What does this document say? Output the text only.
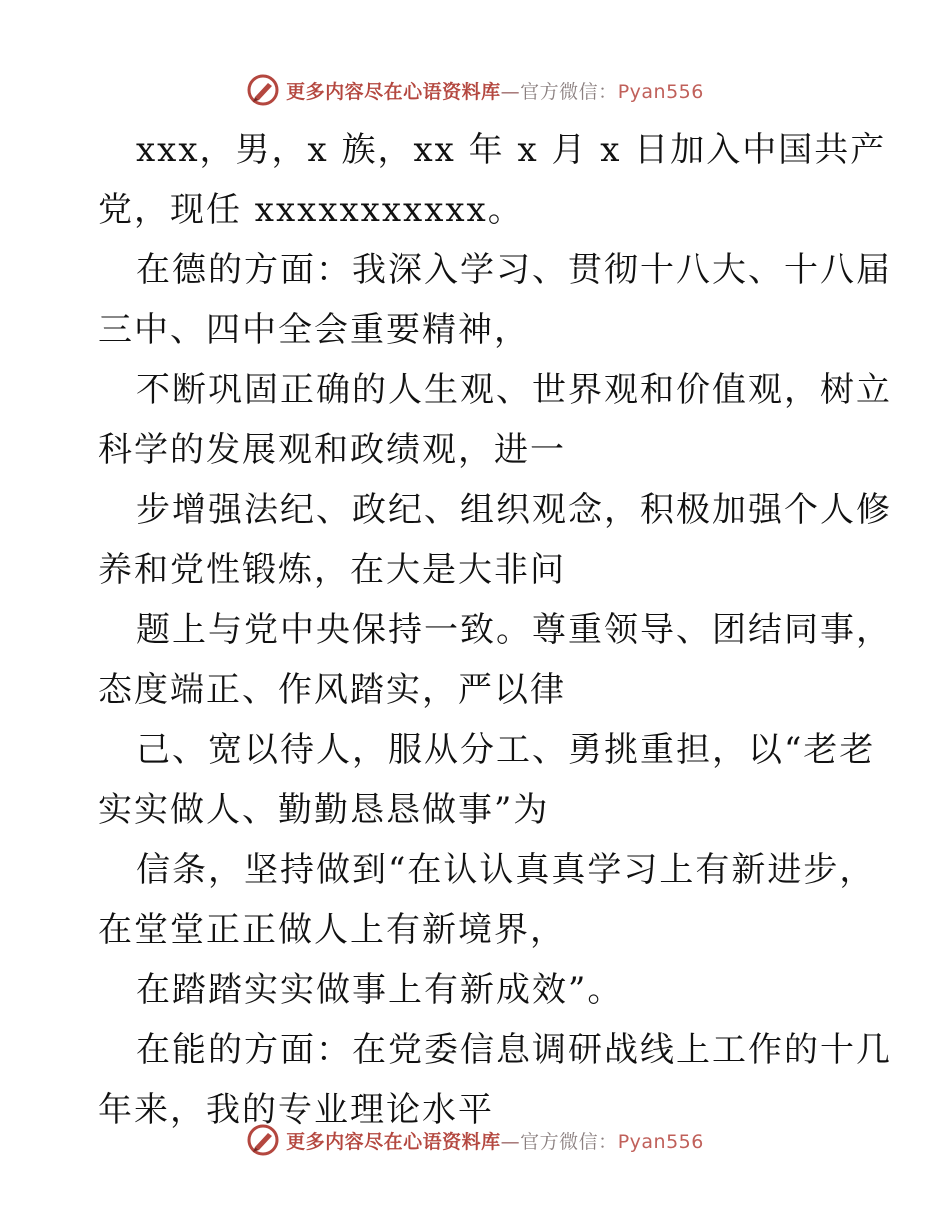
更多内容尽在心语资料库—官方微信：Pyan556
xxx，男，x 族，xx 年 x 月 x 日加入中国共产
党，现任 xxxxxxxxxxx。
在德的方面：我深入学习、贯彻十八大、十八届
三中、四中全会重要精神，
不断巩固正确的人生观、世界观和价值观，树立
科学的发展观和政绩观，进一
步增强法纪、政纪、组织观念，积极加强个人修
养和党性锻炼，在大是大非问
题上与党中央保持一致。尊重领导、团结同事，
态度端正、作风踏实，严以律
己、宽以待人，服从分工、勇挑重担，以“老老
实实做人、勤勤恳恳做事”为
信条，坚持做到“在认认真真学习上有新进步，
在堂堂正正做人上有新境界，
在踏踏实实做事上有新成效”。
在能的方面：在党委信息调研战线上工作的十几
年来，我的专业理论水平
更多内容尽在心语资料库—官方微信：Pyan556
